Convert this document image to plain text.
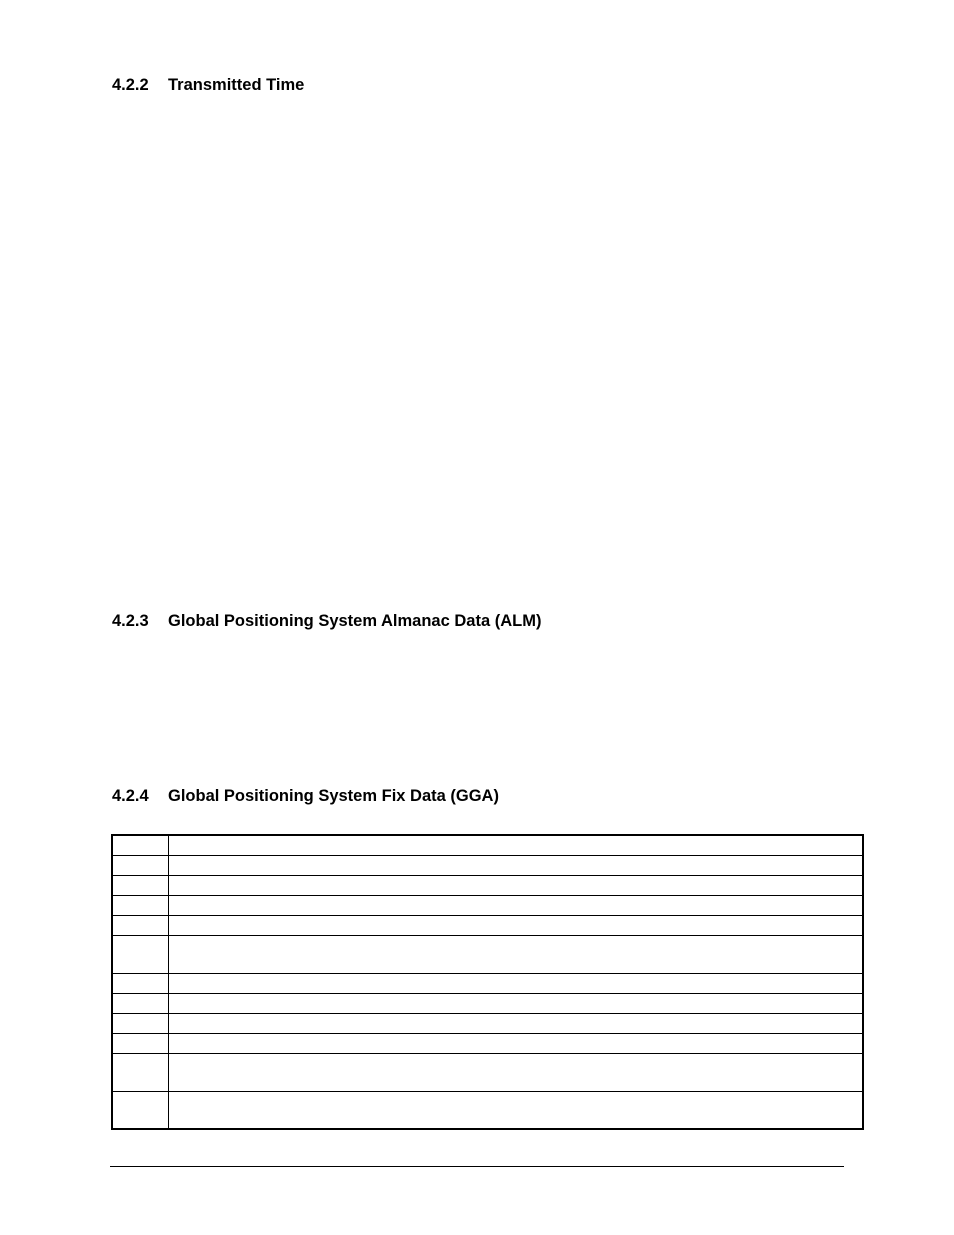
4.2.2 Transmitted Time
4.2.3 Global Positioning System Almanac Data (ALM)
4.2.4 Global Positioning System Fix Data (GGA)
